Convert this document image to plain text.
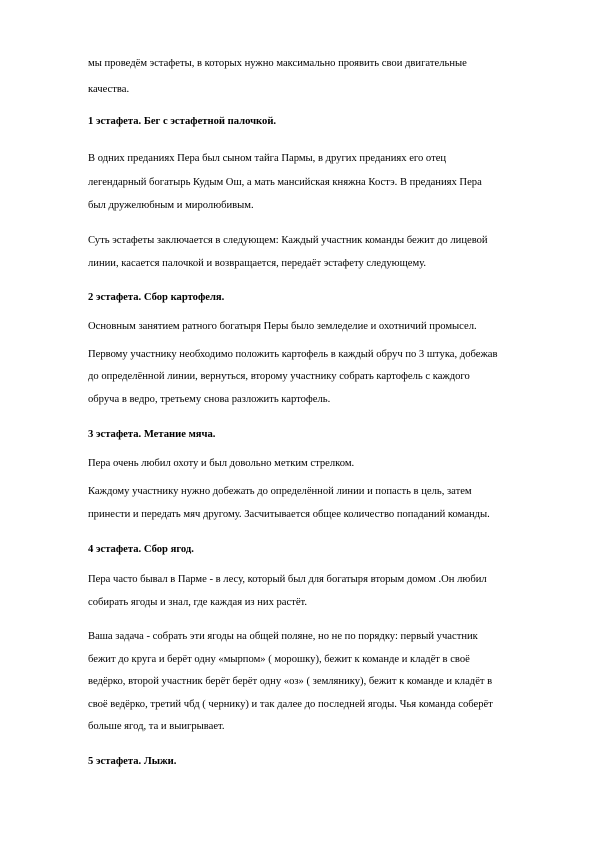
мы проведём эстафеты, в которых нужно максимально проявить свои двигательные
качества.
1 эстафета. Бег с эстафетной палочкой.
В одних преданиях Пера был сыном тайга Пармы, в других преданиях его отец
легендарный богатырь Кудым Ош, а мать мансийская княжна Костэ. В преданиях Пера
был дружелюбным и миролюбивым.
Суть эстафеты заключается в следующем: Каждый участник команды бежит до лицевой
линии, касается палочкой и возвращается, передаёт эстафету следующему.
2 эстафета. Сбор картофеля.
Основным занятием ратного богатыря Перы было земледелие и охотничий промысел.
Первому участнику необходимо положить картофель в каждый обруч по 3 штука, добежав
до определённой линии, вернуться, второму участнику собрать картофель с каждого
обруча в ведро, третьему снова разложить картофель.
3 эстафета. Метание мяча.
Пера очень любил охоту и был довольно метким стрелком.
Каждому участнику нужно добежать до определённой линии и попасть в цель, затем
принести и передать мяч другому. Засчитывается общее количество попаданий команды.
4 эстафета. Сбор ягод.
Пера часто бывал в Парме - в лесу, который был для богатыря вторым домом .Он любил
собирать ягоды и знал, где каждая из них растёт.
Ваша задача - собрать эти ягоды на общей поляне, но не по порядку: первый участник
бежит до круга и берёт одну «мырпом» ( морошку), бежит к команде и кладёт в своё
ведёрко, второй участник берёт берёт одну «оз» ( землянику), бежит к команде и кладёт в
своё ведёрко, третий чбд ( чернику) и так далее до последней ягоды. Чья команда соберёт
больше ягод, та и выигрывает.
5 эстафета. Лыжи.
